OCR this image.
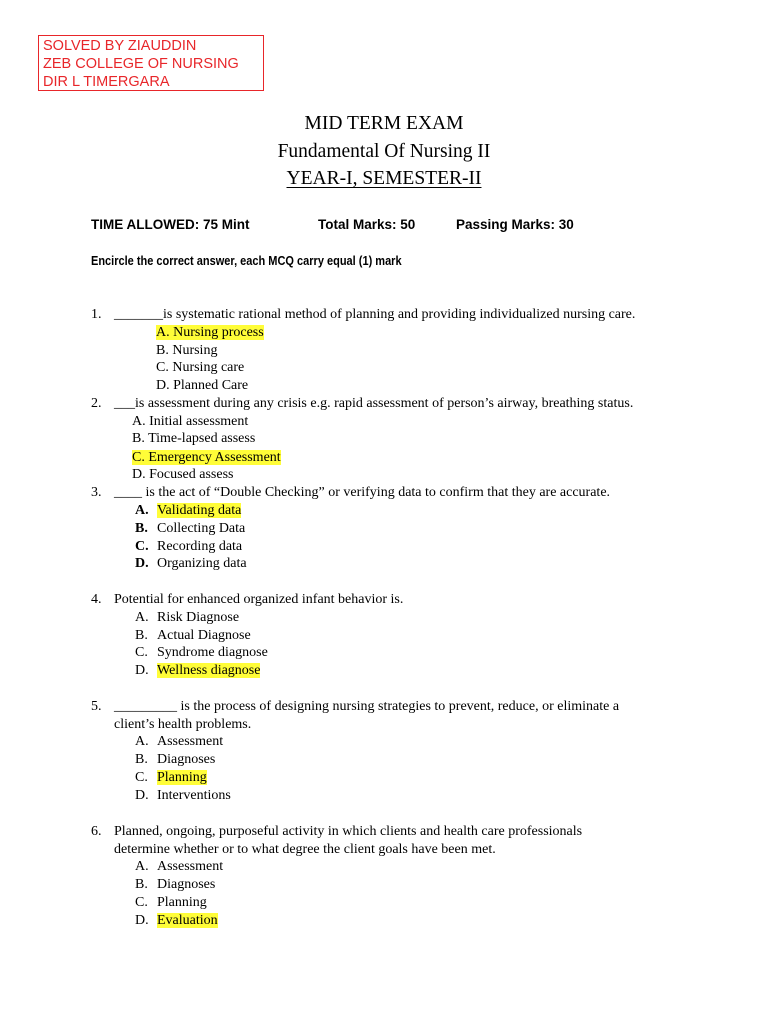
SOLVED BY ZIAUDDIN
ZEB COLLEGE OF NURSING
DIR L TIMERGARA
MID TERM EXAM
Fundamental Of Nursing II
YEAR-I, SEMESTER-II
TIME ALLOWED: 75 Mint	Total Marks: 50	Passing Marks: 30
Encircle the correct answer, each MCQ carry equal (1) mark
1. _______is systematic rational method of planning and providing individualized nursing care.
A. Nursing process
B. Nursing
C. Nursing care
D. Planned Care
2. ___is assessment during any crisis e.g. rapid assessment of person’s airway, breathing status.
A. Initial assessment
B. Time-lapsed assess
C. Emergency Assessment
D. Focused assess
3. ____ is the act of “Double Checking” or verifying data to confirm that they are accurate.
A. Validating data
B. Collecting Data
C. Recording data
D. Organizing data
4. Potential for enhanced organized infant behavior is.
A. Risk Diagnose
B. Actual Diagnose
C. Syndrome diagnose
D. Wellness diagnose
5. _________ is the process of designing nursing strategies to prevent, reduce, or eliminate a
client’s health problems.
A. Assessment
B. Diagnoses
C. Planning
D. Interventions
6. Planned, ongoing, purposeful activity in which clients and health care professionals
determine whether or to what degree the client goals have been met.
A. Assessment
B. Diagnoses
C. Planning
D. Evaluation
